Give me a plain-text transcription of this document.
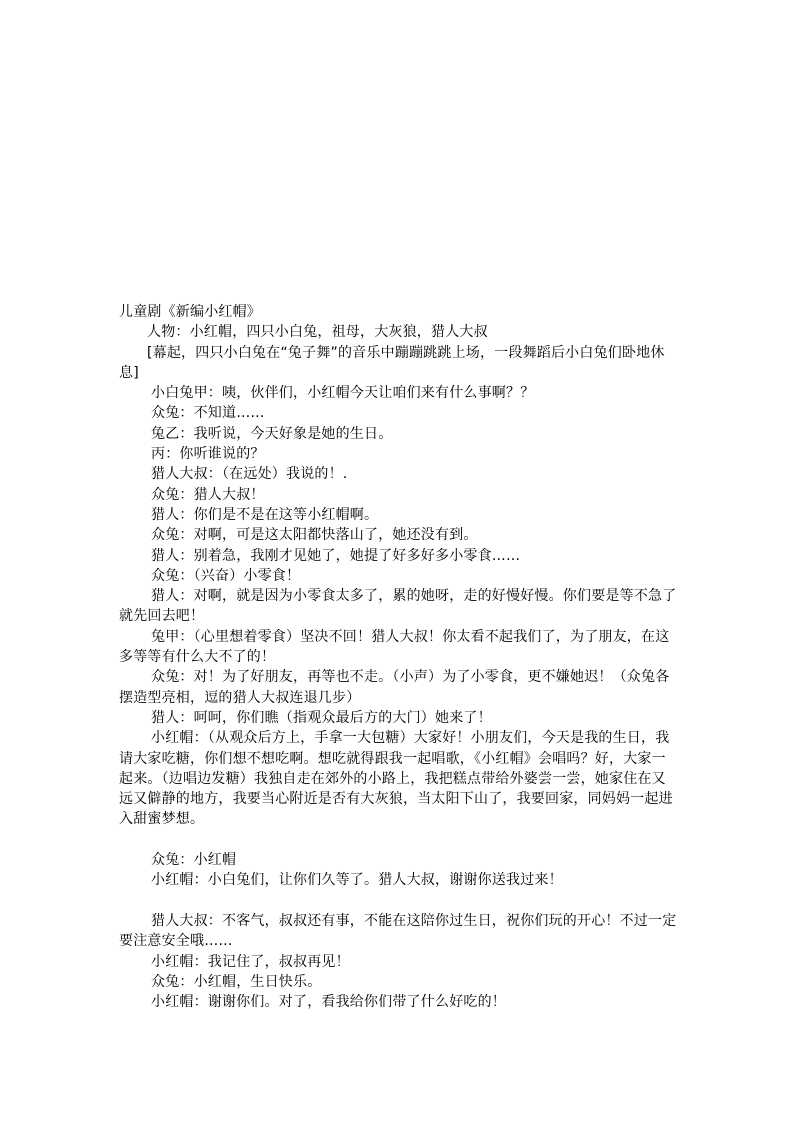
儿童剧《新编小红帽》

人物：小红帽，四只小白兔，祖母，大灰狼，猎人大叔

[幕起，四只小白兔在“兔子舞”的音乐中蹦蹦跳跳上场，一段舞蹈后小白兔们卧地休息]

小白兔甲：咦，伙伴们，小红帽今天让咱们来有什么事啊？？

众兔：不知道……

兔乙：我听说，今天好象是她的生日。

丙：你听谁说的？

猎人大叔：（在远处）我说的！.

众兔：猎人大叔！

猎人：你们是不是在这等小红帽啊。

众兔：对啊，可是这太阳都快落山了，她还没有到。

猎人：别着急，我刚才见她了，她提了好多好多小零食……

众兔：（兴奋）小零食！

猎人：对啊，就是因为小零食太多了，累的她呀，走的好慢好慢。你们要是等不急了就先回去吧！

兔甲：（心里想着零食）坚决不回！猎人大叔！你太看不起我们了，为了朋友，在这多等等有什么大不了的！

众兔：对！为了好朋友，再等也不走。（小声）为了小零食，更不嫌她迟！（众兔各摆造型亮相，逗的猎人大叔连退几步）

猎人：呵呵，你们瞧（指观众最后方的大门）她来了！

小红帽：（从观众后方上，手拿一大包糖）大家好！小朋友们，今天是我的生日，我请大家吃糖，你们想不想吃啊。想吃就得跟我一起唱歌，《小红帽》会唱吗？好，大家一起来。（边唱边发糖）我独自走在郊外的小路上，我把糕点带给外婆尝一尝，她家住在又远又僻静的地方，我要当心附近是否有大灰狼，当太阳下山了，我要回家，同妈妈一起进入甜蜜梦想。

众兔：小红帽

小红帽：小白兔们，让你们久等了。猎人大叔，谢谢你送我过来！

猎人大叔：不客气，叔叔还有事，不能在这陪你过生日，祝你们玩的开心！不过一定要注意安全哦……

小红帽：我记住了，叔叔再见！

众兔：小红帽，生日快乐。

小红帽：谢谢你们。对了，看我给你们带了什么好吃的！
